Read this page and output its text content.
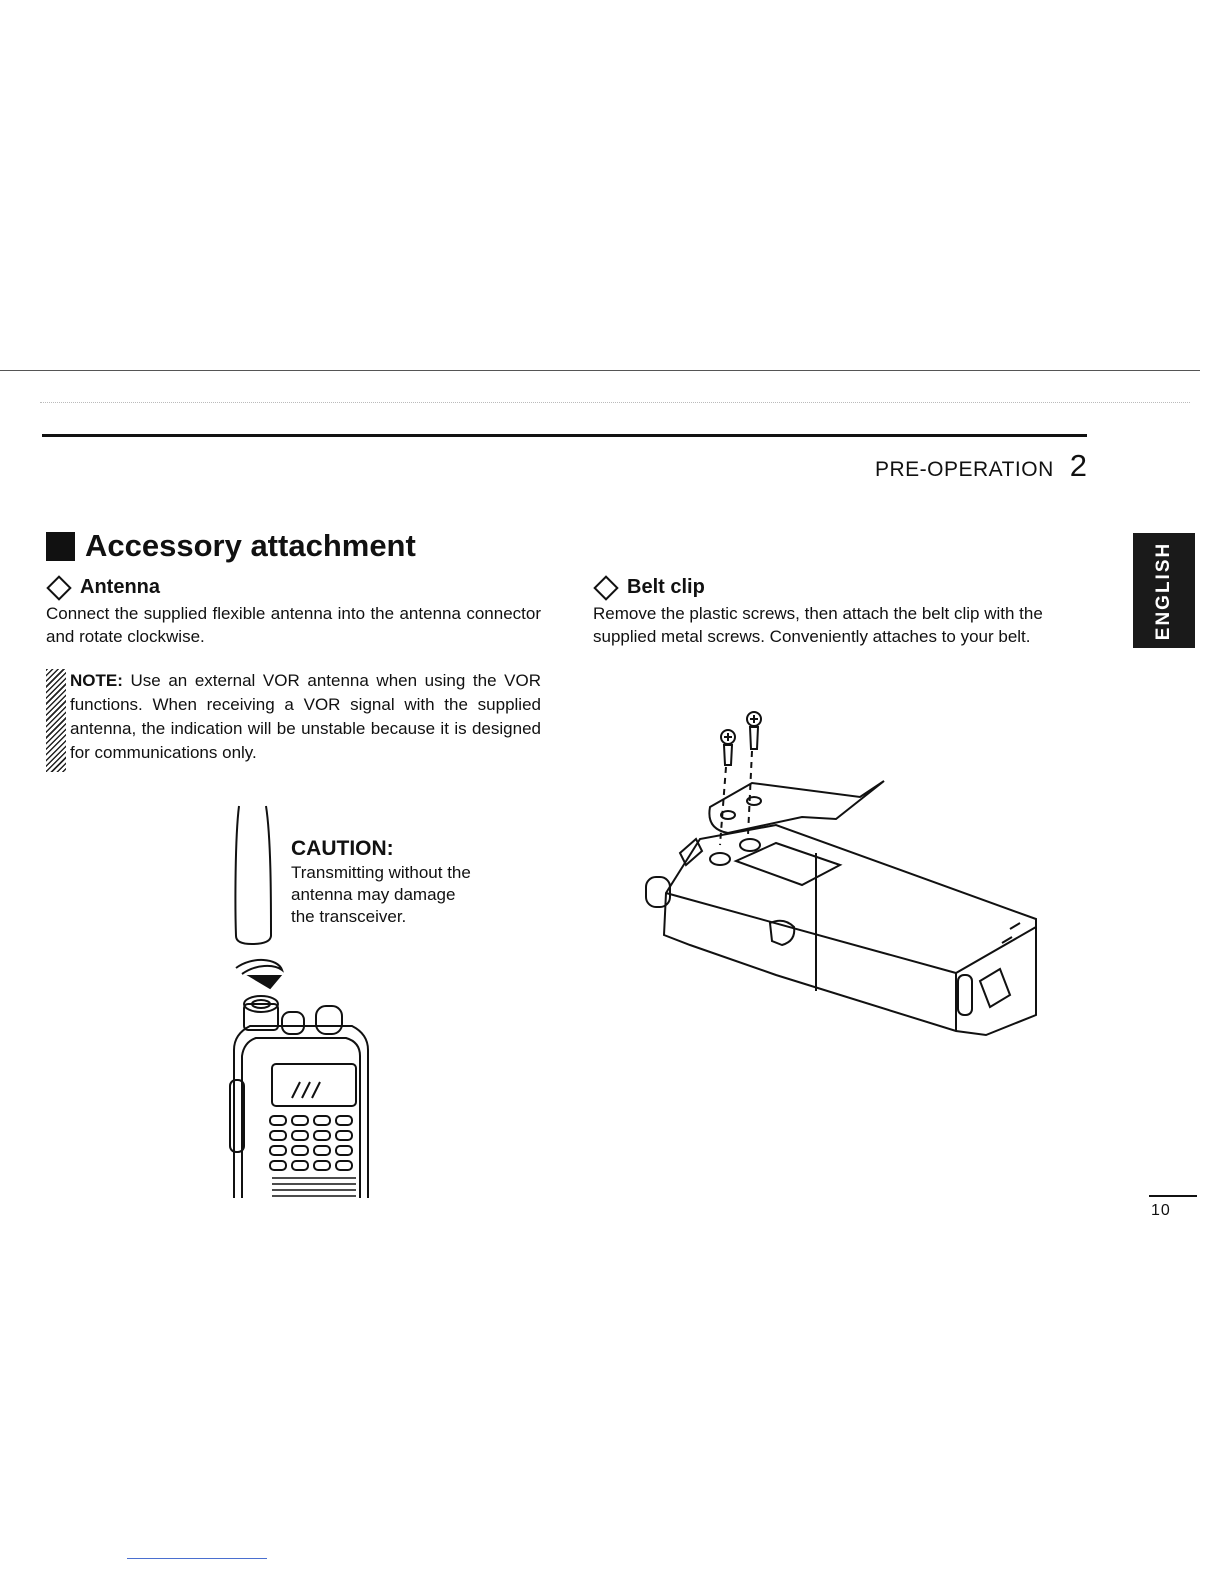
PRE-OPERATION 2
ENGLISH
Accessory attachment
Antenna
Connect the supplied flexible antenna into the antenna connector and rotate clockwise.
NOTE: Use an external VOR antenna when using the VOR functions. When receiving a VOR signal with the supplied antenna, the indication will be unstable because it is designed for communications only.
CAUTION:
Transmitting without the
antenna may damage
the transceiver.
Belt clip
Remove the plastic screws, then attach the belt clip with the supplied metal screws. Conveniently attaches to your belt.
10
